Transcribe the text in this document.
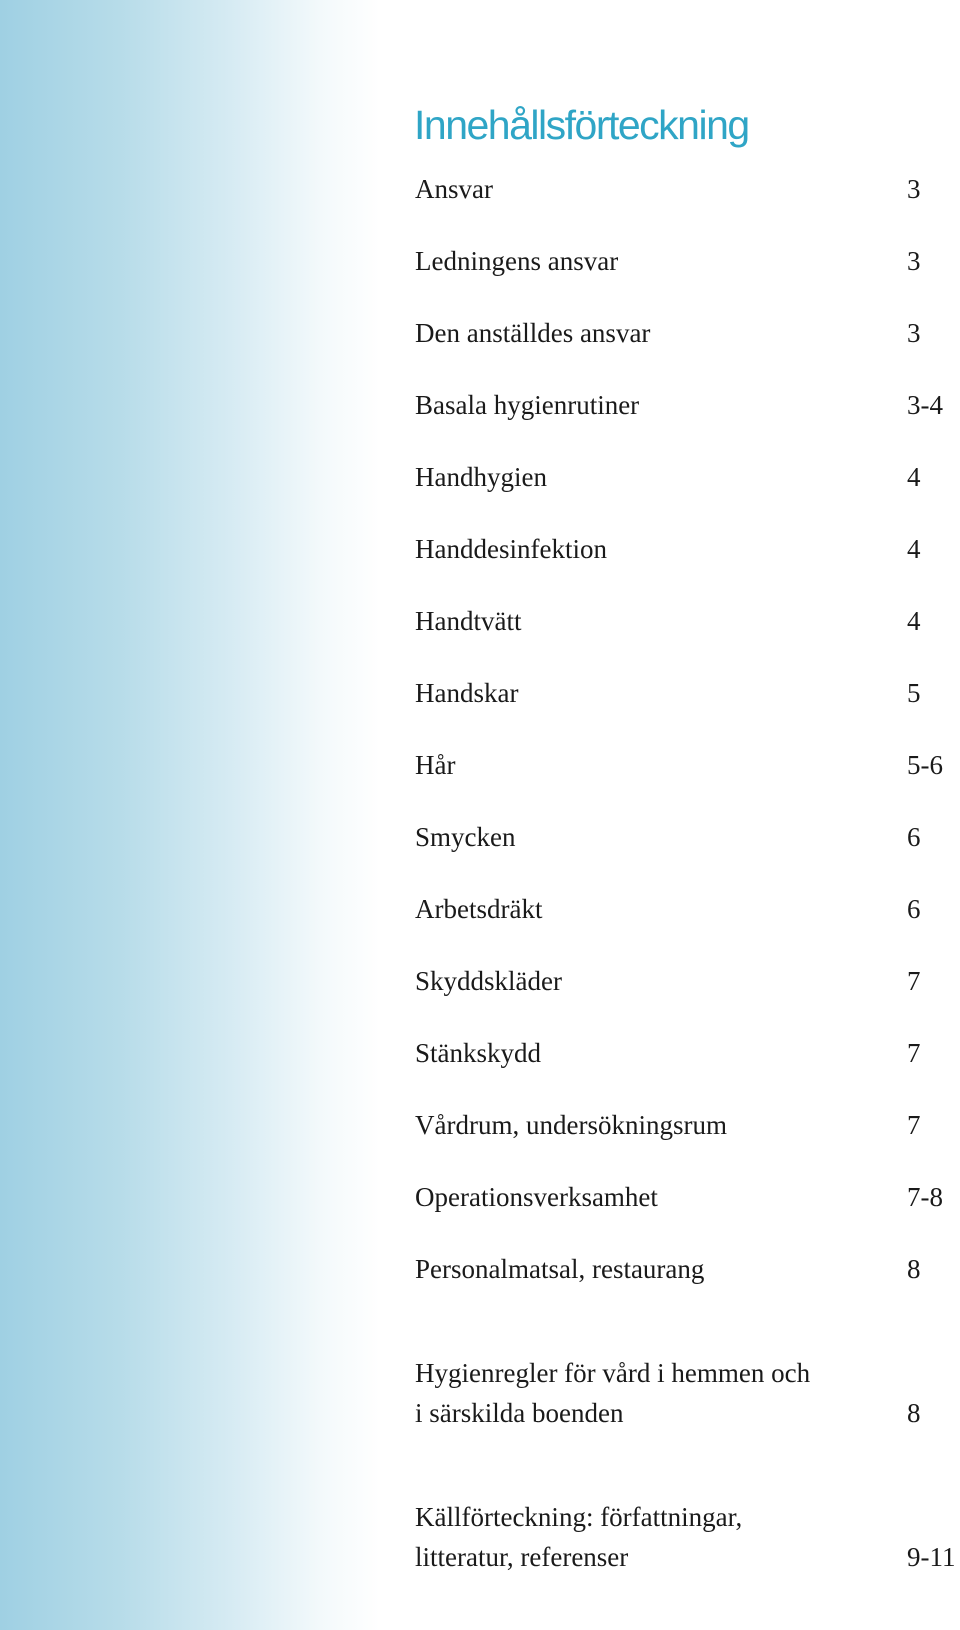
Innehållsförteckning
Ansvar	3
Ledningens ansvar	3
Den anställdes ansvar	3
Basala hygienrutiner	3-4
Handhygien	4
Handdesinfektion	4
Handtvätt	4
Handskar	5
Hår	5-6
Smycken	6
Arbetsdräkt	6
Skyddskläder	7
Stänkskydd	7
Vårdrum, undersökningsrum	7
Operationsverksamhet	7-8
Personalmatsal, restaurang	8
Hygienregler för vård i hemmen och
i särskilda boenden	8
Källförteckning: författningar,
litteratur, referenser	9-11
